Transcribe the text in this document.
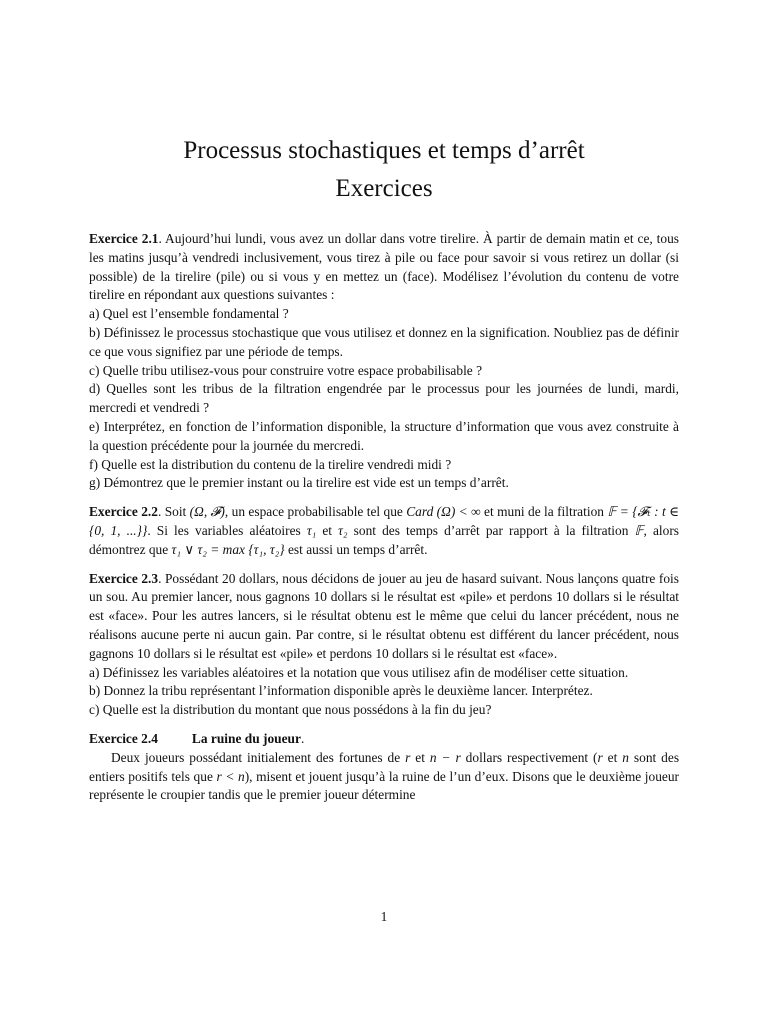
Processus stochastiques et temps d’arrêt
Exercices

Exercice 2.1. Aujourd’hui lundi, vous avez un dollar dans votre tirelire. À partir de demain matin et ce, tous les matins jusqu’à vendredi inclusivement, vous tirez à pile ou face pour savoir si vous retirez un dollar (si possible) de la tirelire (pile) ou si vous y en mettez un (face). Modélisez l’évolution du contenu de votre tirelire en répondant aux questions suivantes :

a) Quel est l’ensemble fondamental ?

b) Définissez le processus stochastique que vous utilisez et donnez en la signification. Noubliez pas de définir ce que vous signifiez par une période de temps.

c) Quelle tribu utilisez-vous pour construire votre espace probabilisable ?

d) Quelles sont les tribus de la filtration engendrée par le processus pour les journées de lundi, mardi, mercredi et vendredi ?

e) Interprétez, en fonction de l’information disponible, la structure d’information que vous avez construite à la question précédente pour la journée du mercredi.

f) Quelle est la distribution du contenu de la tirelire vendredi midi ?

g) Démontrez que le premier instant ou la tirelire est vide est un temps d’arrêt.

Exercice 2.2. Soit (Ω, 𝓕), un espace probabilisable tel que Card (Ω) < ∞ et muni de la filtration 𝔽 = {𝓕ₜ : t ∈ {0, 1, ...}}. Si les variables aléatoires τ₁ et τ₂ sont des temps d’arrêt par rapport à la filtration 𝔽, alors démontrez que τ₁ ∨ τ₂ = max {τ₁, τ₂} est aussi un temps d’arrêt.

Exercice 2.3. Possédant 20 dollars, nous décidons de jouer au jeu de hasard suivant. Nous lançons quatre fois un sou. Au premier lancer, nous gagnons 10 dollars si le résultat est «pile» et perdons 10 dollars si le résultat est «face». Pour les autres lancers, si le résultat obtenu est le même que celui du lancer précédent, nous ne réalisons aucune perte ni aucun gain. Par contre, si le résultat obtenu est différent du lancer précédent, nous gagnons 10 dollars si le résultat est «pile» et perdons 10 dollars si le résultat est «face».

a) Définissez les variables aléatoires et la notation que vous utilisez afin de modéliser cette situation.

b) Donnez la tribu représentant l’information disponible après le deuxième lancer. Interprétez.

c) Quelle est la distribution du montant que nous possédons à la fin du jeu?

Exercice 2.4	La ruine du joueur.

Deux joueurs possédant initialement des fortunes de r et n − r dollars respectivement (r et n sont des entiers positifs tels que r < n), misent et jouent jusqu’à la ruine de l’un d’eux. Disons que le deuxième joueur représente le croupier tandis que le premier joueur détermine

1
